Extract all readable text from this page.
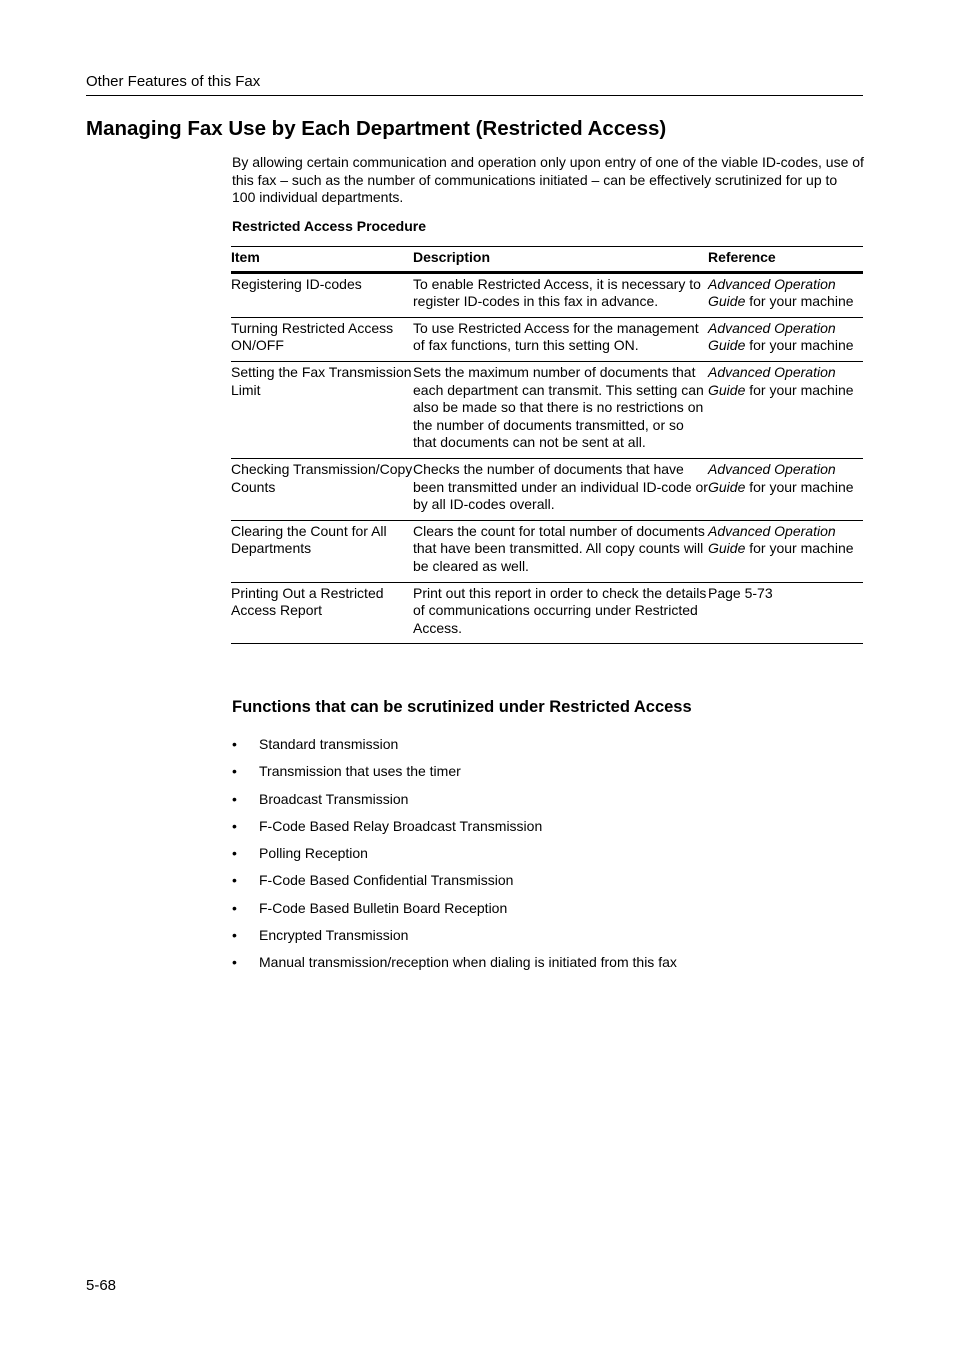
Other Features of this Fax
Managing Fax Use by Each Department (Restricted Access)

By allowing certain communication and operation only upon entry of one of the viable ID-codes, use of this fax – such as the number of communications initiated – can be effectively scrutinized for up to 100 individual departments.

Restricted Access Procedure
Item	Description	Reference
Registering ID-codes	To enable Restricted Access, it is necessary to register ID-codes in this fax in advance.	Advanced Operation Guide for your machine
Turning Restricted Access ON/OFF	To use Restricted Access for the management of fax functions, turn this setting ON.	Advanced Operation Guide for your machine
Setting the Fax Transmission Limit	Sets the maximum number of documents that each department can transmit. This setting can also be made so that there is no restrictions on the number of documents transmitted, or so that documents can not be sent at all.	Advanced Operation Guide for your machine
Checking Transmission/Copy Counts	Checks the number of documents that have been transmitted under an individual ID-code or by all ID-codes overall.	Advanced Operation Guide for your machine
Clearing the Count for All Departments	Clears the count for total number of documents that have been transmitted. All copy counts will be cleared as well.	Advanced Operation Guide for your machine
Printing Out a Restricted Access Report	Print out this report in order to check the details of communications occurring under Restricted Access.	Page 5-73
Functions that can be scrutinized under Restricted Access
• Standard transmission
• Transmission that uses the timer
• Broadcast Transmission
• F-Code Based Relay Broadcast Transmission
• Polling Reception
• F-Code Based Confidential Transmission
• F-Code Based Bulletin Board Reception
• Encrypted Transmission
• Manual transmission/reception when dialing is initiated from this fax
5-68
